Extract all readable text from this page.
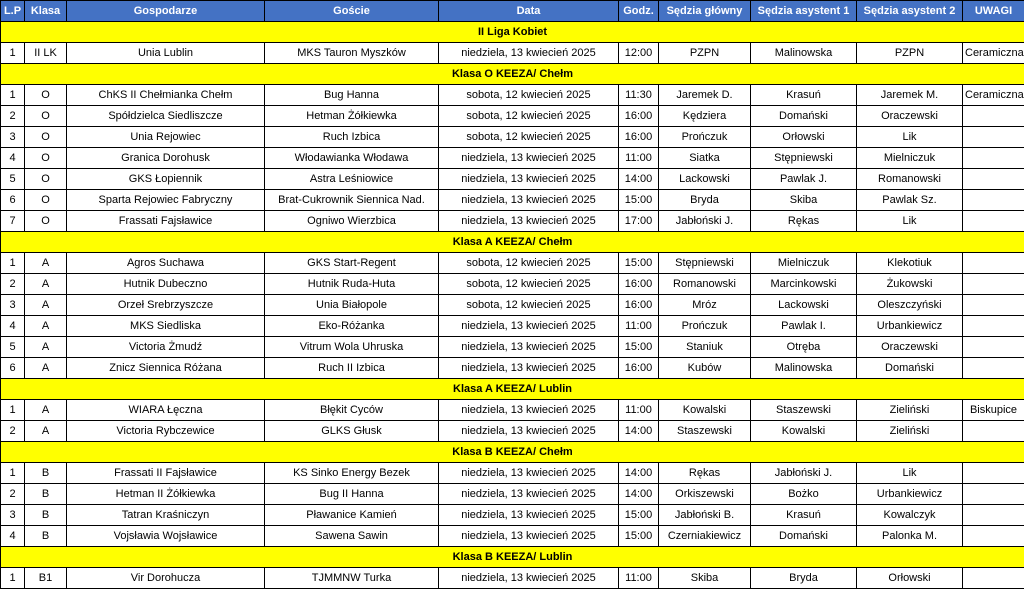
L.P	Klasa	Gospodarze	Goście	Data	Godz.	Sędzia główny	Sędzia asystent 1	Sędzia asystent 2	UWAGI
II Liga Kobiet									
1	II LK	Unia Lublin	MKS Tauron Myszków	niedziela, 13 kwiecień 2025	12:00	PZPN	Malinowska	PZPN	Ceramiczna
Klasa O KEEZA/ Chełm									
1	O	ChKS II Chełmianka Chełm	Bug Hanna	sobota, 12 kwiecień 2025	11:30	Jaremek D.	Krasuń	Jaremek M.	Ceramiczna
2	O	Spółdzielca Siedliszcze	Hetman Żółkiewka	sobota, 12 kwiecień 2025	16:00	Kędziera	Domański	Oraczewski	
3	O	Unia Rejowiec	Ruch Izbica	sobota, 12 kwiecień 2025	16:00	Prończuk	Orłowski	Lik	
4	O	Granica Dorohusk	Włodawianka Włodawa	niedziela, 13 kwiecień 2025	11:00	Siatka	Stępniewski	Mielniczuk	
5	O	GKS Łopiennik	Astra Leśniowice	niedziela, 13 kwiecień 2025	14:00	Lackowski	Pawlak J.	Romanowski	
6	O	Sparta Rejowiec Fabryczny	Brat-Cukrownik Siennica Nad.	niedziela, 13 kwiecień 2025	15:00	Bryda	Skiba	Pawlak Sz.	
7	O	Frassati Fajsławice	Ogniwo Wierzbica	niedziela, 13 kwiecień 2025	17:00	Jabłoński J.	Rękas	Lik	
Klasa A KEEZA/ Chełm									
1	A	Agros Suchawa	GKS Start-Regent	sobota, 12 kwiecień 2025	15:00	Stępniewski	Mielniczuk	Klekotiuk	
2	A	Hutnik Dubeczno	Hutnik Ruda-Huta	sobota, 12 kwiecień 2025	16:00	Romanowski	Marcinkowski	Żukowski	
3	A	Orzeł Srebrzyszcze	Unia Białopole	sobota, 12 kwiecień 2025	16:00	Mróz	Lackowski	Oleszczyński	
4	A	MKS Siedliska	Eko-Różanka	niedziela, 13 kwiecień 2025	11:00	Prończuk	Pawlak I.	Urbankiewicz	
5	A	Victoria Żmudź	Vitrum Wola Uhruska	niedziela, 13 kwiecień 2025	15:00	Staniuk	Otręba	Oraczewski	
6	A	Znicz Siennica Różana	Ruch II Izbica	niedziela, 13 kwiecień 2025	16:00	Kubów	Malinowska	Domański	
Klasa A KEEZA/ Lublin									
1	A	WIARA Łęczna	Błękit Cyców	niedziela, 13 kwiecień 2025	11:00	Kowalski	Staszewski	Zieliński	Biskupice
2	A	Victoria Rybczewice	GLKS Głusk	niedziela, 13 kwiecień 2025	14:00	Staszewski	Kowalski	Zieliński	
Klasa B KEEZA/ Chełm									
1	B	Frassati II Fajsławice	KS Sinko Energy Bezek	niedziela, 13 kwiecień 2025	14:00	Rękas	Jabłoński J.	Lik	
2	B	Hetman II Żółkiewka	Bug II Hanna	niedziela, 13 kwiecień 2025	14:00	Orkiszewski	Bożko	Urbankiewicz	
3	B	Tatran Kraśniczyn	Pławanice Kamień	niedziela, 13 kwiecień 2025	15:00	Jabłoński B.	Krasuń	Kowalczyk	
4	B	Vojsławia Wojsławice	Sawena Sawin	niedziela, 13 kwiecień 2025	15:00	Czerniakiewicz	Domański	Palonka M.	
Klasa B KEEZA/ Lublin									
1	B1	Vir Dorohucza	TJMMNW Turka	niedziela, 13 kwiecień 2025	11:00	Skiba	Bryda	Orłowski	
